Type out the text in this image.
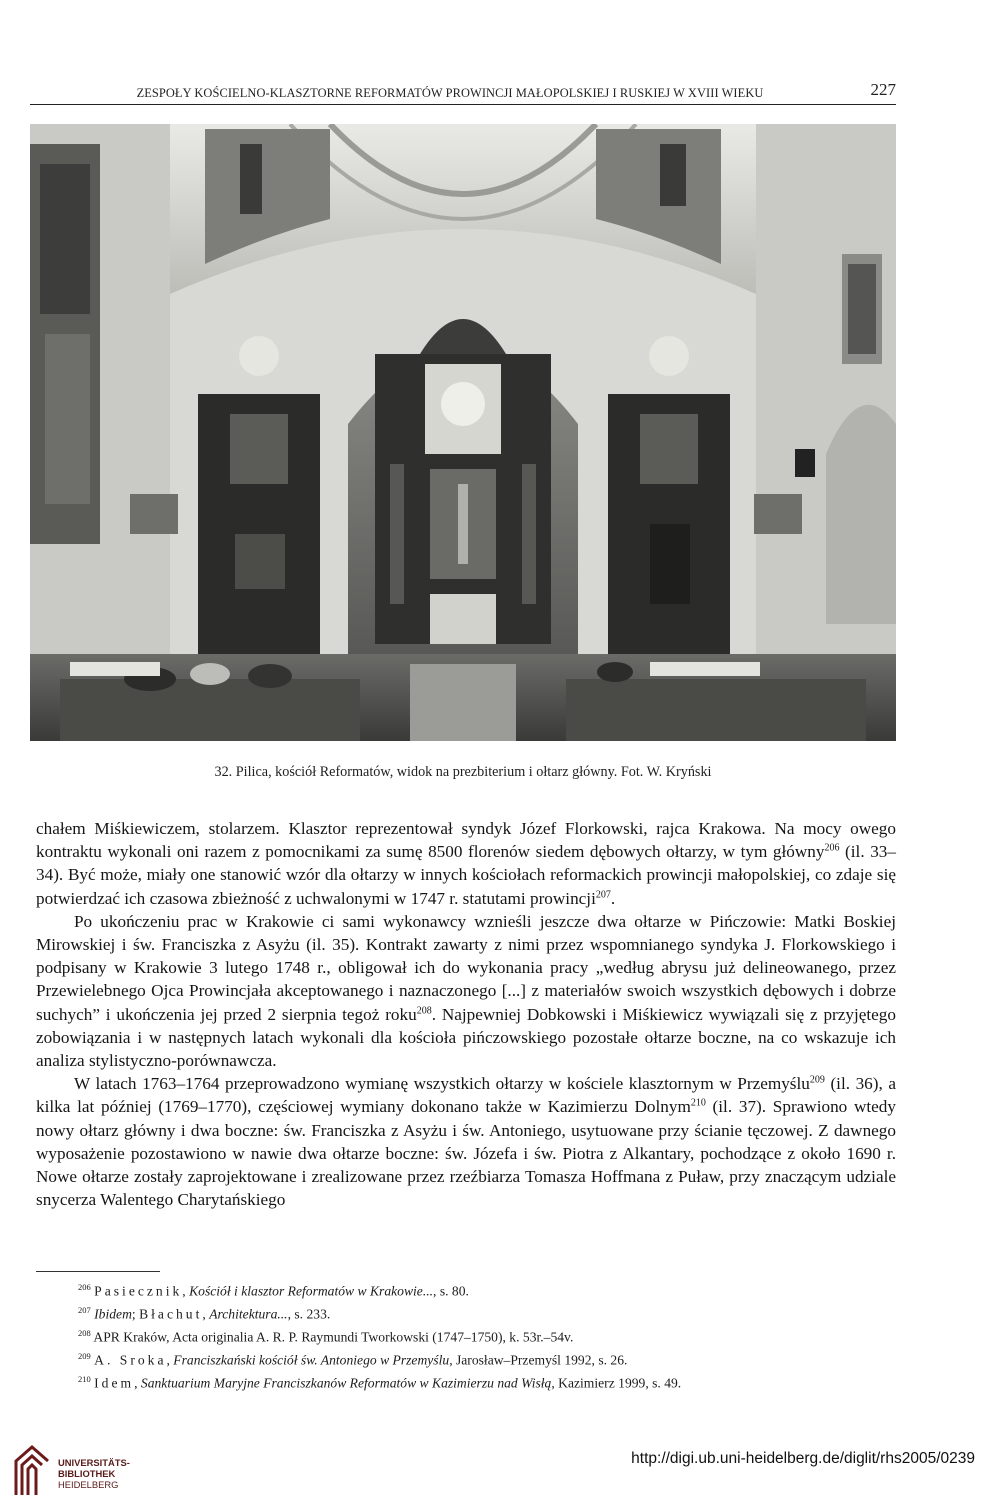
ZESPOŁY KOŚCIELNO-KLASZTORNE REFORMATÓW PROWINCJI MAŁOPOLSKIEJ I RUSKIEJ W XVIII WIEKU	227
32. Pilica, kościół Reformatów, widok na prezbiterium i ołtarz główny. Fot. W. Kryński

chałem Miśkiewiczem, stolarzem. Klasztor reprezentował syndyk Józef Florkowski, rajca Krakowa. Na mocy owego kontraktu wykonali oni razem z pomocnikami za sumę 8500 florenów siedem dębowych ołtarzy, w tym główny$^{206}$ (il. 33–34). Być może, miały one stanowić wzór dla ołtarzy w innych kościołach reformackich prowincji małopolskiej, co zdaje się potwierdzać ich czasowa zbieżność z uchwalonymi w 1747 r. statutami prowincji$^{207}$.

Po ukończeniu prac w Krakowie ci sami wykonawcy wznieśli jeszcze dwa ołtarze w Pińczowie: Matki Boskiej Mirowskiej i św. Franciszka z Asyżu (il. 35). Kontrakt zawarty z nimi przez wspomnianego syndyka J. Florkowskiego i podpisany w Krakowie 3 lutego 1748 r., obligował ich do wykonania pracy „według abrysu już delineowanego, przez Przewielebnego Ojca Prowincjała akceptowanego i naznaczonego [...] z materiałów swoich wszystkich dębowych i dobrze suchych” i ukończenia jej przed 2 sierpnia tegoż roku$^{208}$. Najpewniej Dobkowski i Miśkiewicz wywiązali się z przyjętego zobowiązania i w następnych latach wykonali dla kościoła pińczowskiego pozostałe ołtarze boczne, na co wskazuje ich analiza stylistyczno-porównawcza.

W latach 1763–1764 przeprowadzono wymianę wszystkich ołtarzy w kościele klasztornym w Przemyślu$^{209}$ (il. 36), a kilka lat później (1769–1770), częściowej wymiany dokonano także w Kazimierzu Dolnym$^{210}$ (il. 37). Sprawiono wtedy nowy ołtarz główny i dwa boczne: św. Franciszka z Asyżu i św. Antoniego, usytuowane przy ścianie tęczowej. Z dawnego wyposażenie pozostawiono w nawie dwa ołtarze boczne: św. Józefa i św. Piotra z Alkantary, pochodzące z około 1690 r. Nowe ołtarze zostały zaprojektowane i zrealizowane przez rzeźbiarza Tomasza Hoffmana z Puław, przy znaczącym udziale snycerza Walentego Charytańskiego

$^{206}$ Pasiecznik, Kościół i klasztor Reformatów w Krakowie..., s. 80.

$^{207}$ Ibidem; Błachut, Architektura..., s. 233.

$^{208}$ APR Kraków, Acta originalia A. R. P. Raymundi Tworkowski (1747–1750), k. 53r.–54v.

$^{209}$ A. Sroka, Franciszkański kościół św. Antoniego w Przemyślu, Jarosław–Przemyśl 1992, s. 26.

$^{210}$ Idem, Sanktuarium Maryjne Franciszkanów Reformatów w Kazimierzu nad Wisłą, Kazimierz 1999, s. 49.

UNIVERSITÄTS-
BIBLIOTHEK
HEIDELBERG
http://digi.ub.uni-heidelberg.de/diglit/rhs2005/0239
